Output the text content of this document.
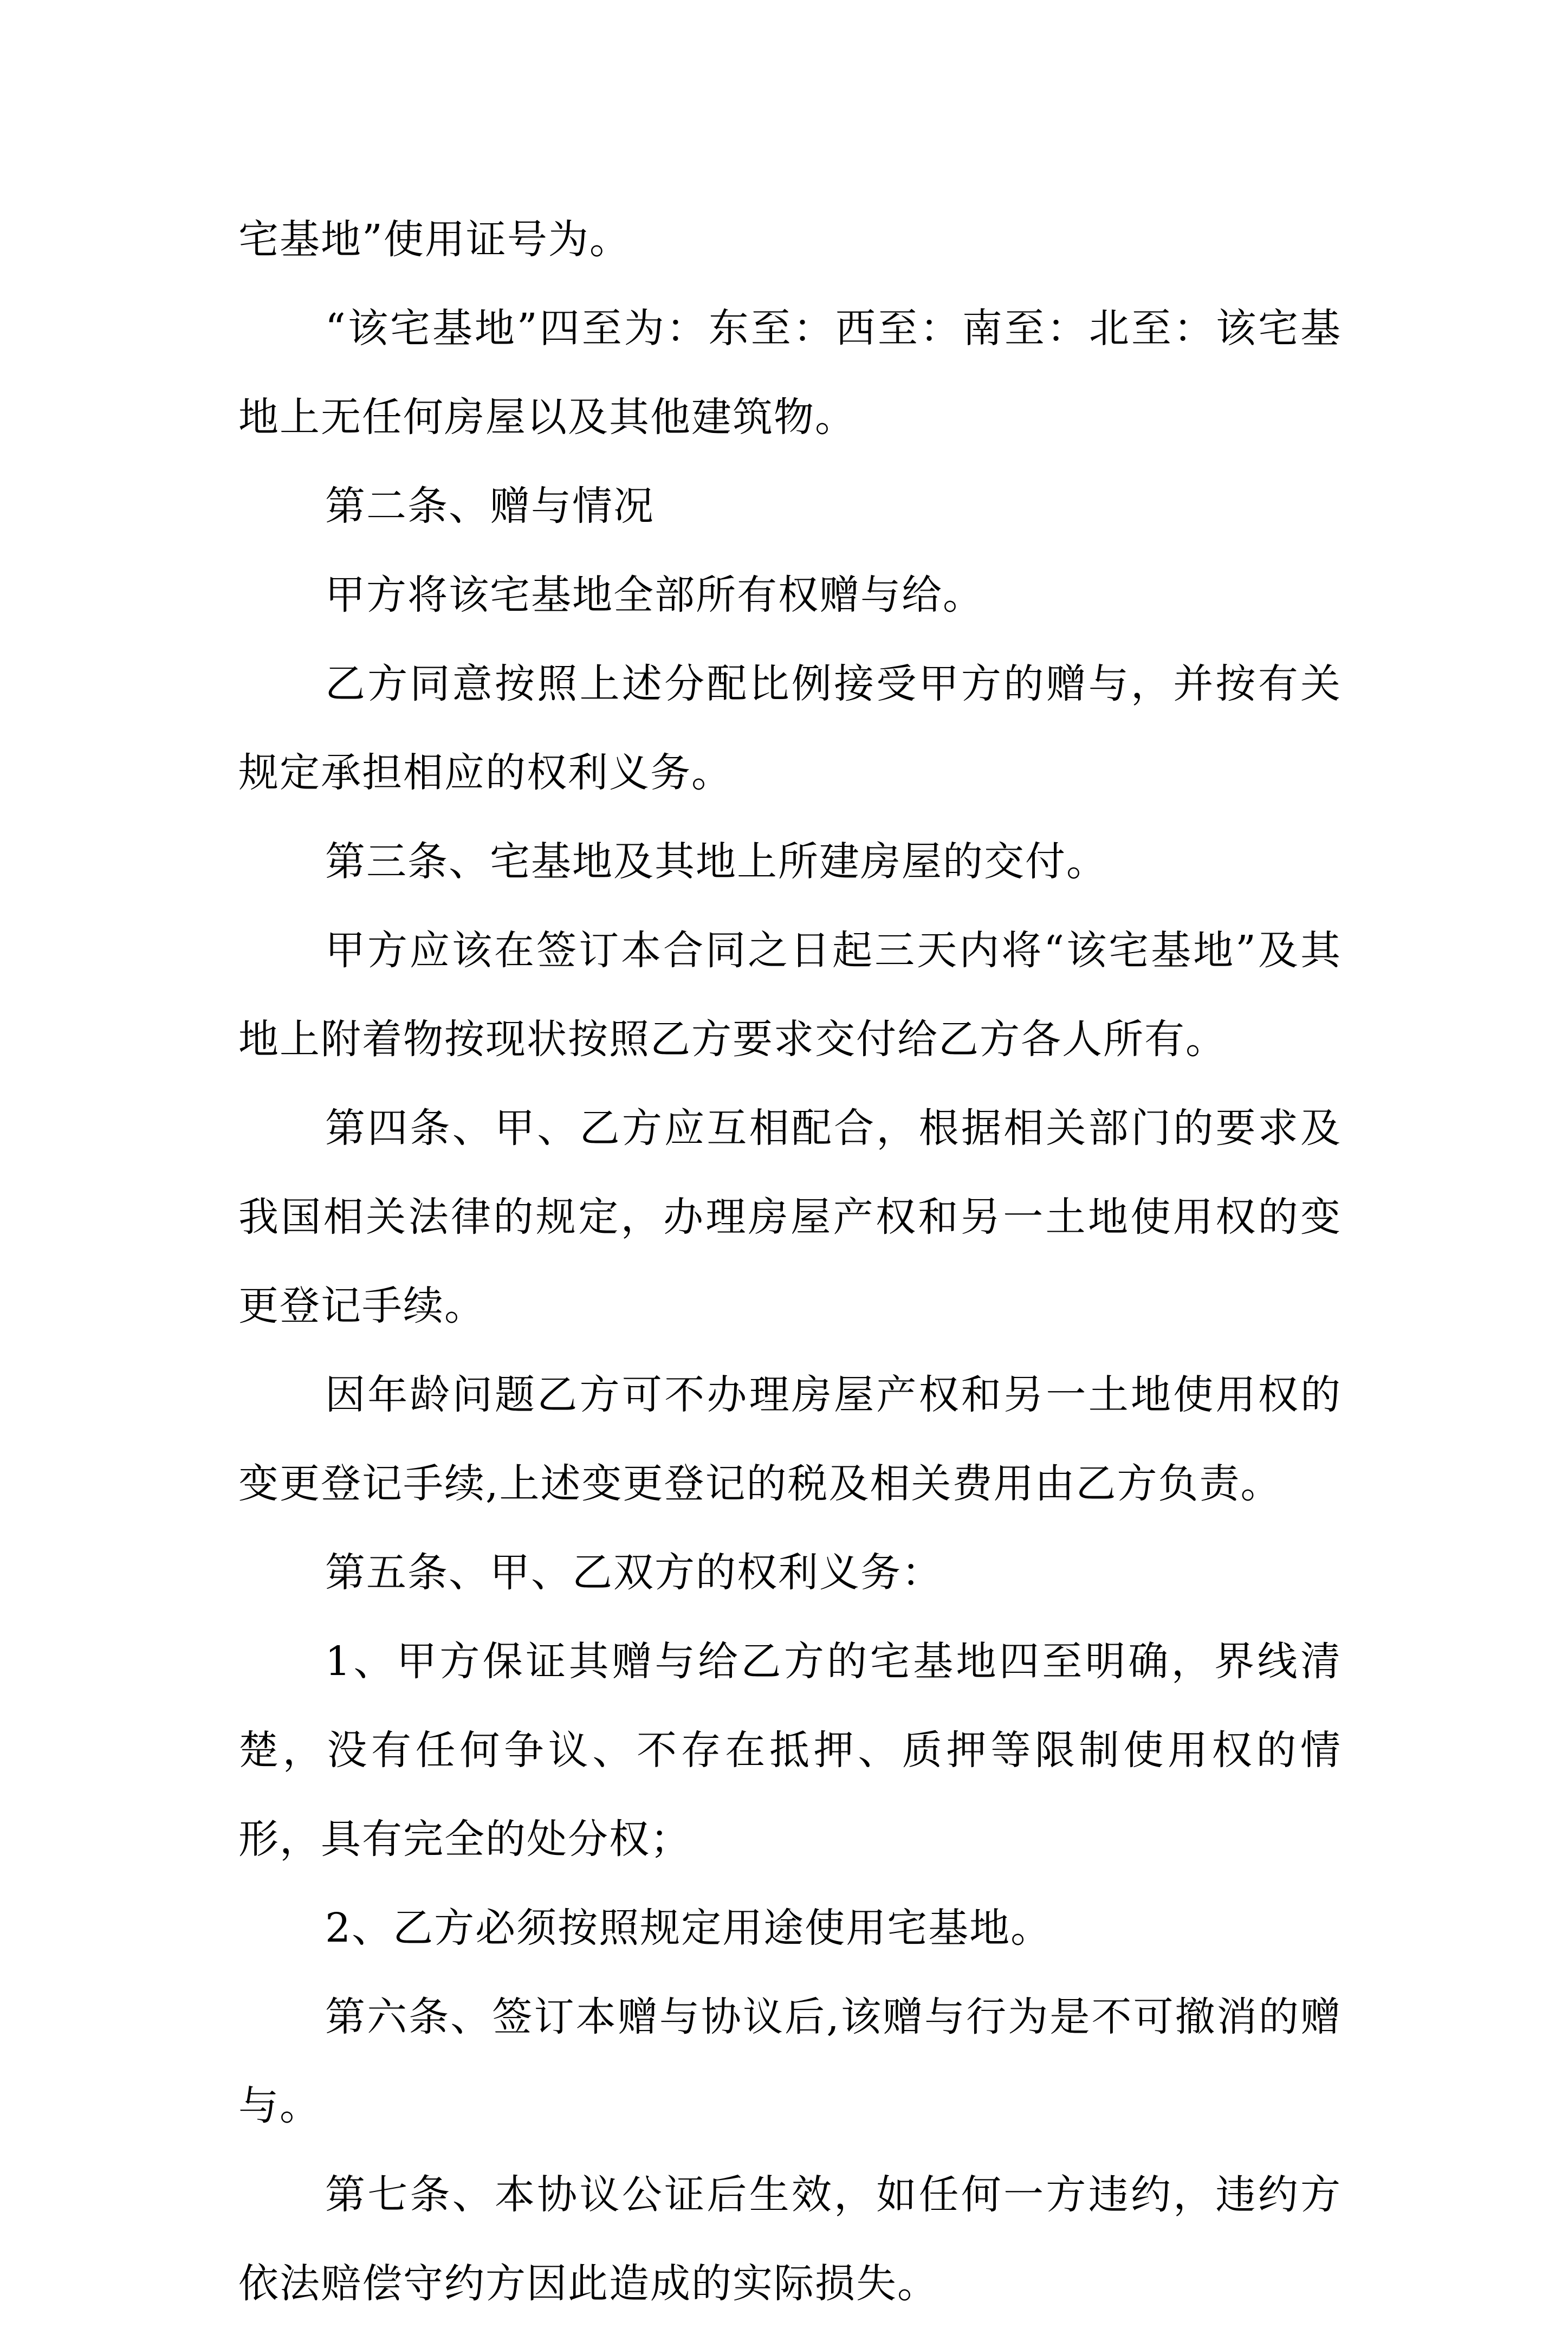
宅基地”使用证号为。

“该宅基地”四至为：东至：西至：南至：北至：该宅基地上无任何房屋以及其他建筑物。

第二条、赠与情况

甲方将该宅基地全部所有权赠与给。

乙方同意按照上述分配比例接受甲方的赠与，并按有关规定承担相应的权利义务。

第三条、宅基地及其地上所建房屋的交付。

甲方应该在签订本合同之日起三天内将“该宅基地”及其地上附着物按现状按照乙方要求交付给乙方各人所有。

第四条、甲、乙方应互相配合，根据相关部门的要求及我国相关法律的规定，办理房屋产权和另一土地使用权的变更登记手续。

因年龄问题乙方可不办理房屋产权和另一土地使用权的变更登记手续,上述变更登记的税及相关费用由乙方负责。

第五条、甲、乙双方的权利义务：

1、甲方保证其赠与给乙方的宅基地四至明确，界线清楚，没有任何争议、不存在抵押、质押等限制使用权的情形，具有完全的处分权；

2、乙方必须按照规定用途使用宅基地。

第六条、签订本赠与协议后,该赠与行为是不可撤消的赠与。

第七条、本协议公证后生效，如任何一方违约，违约方依法赔偿守约方因此造成的实际损失。
